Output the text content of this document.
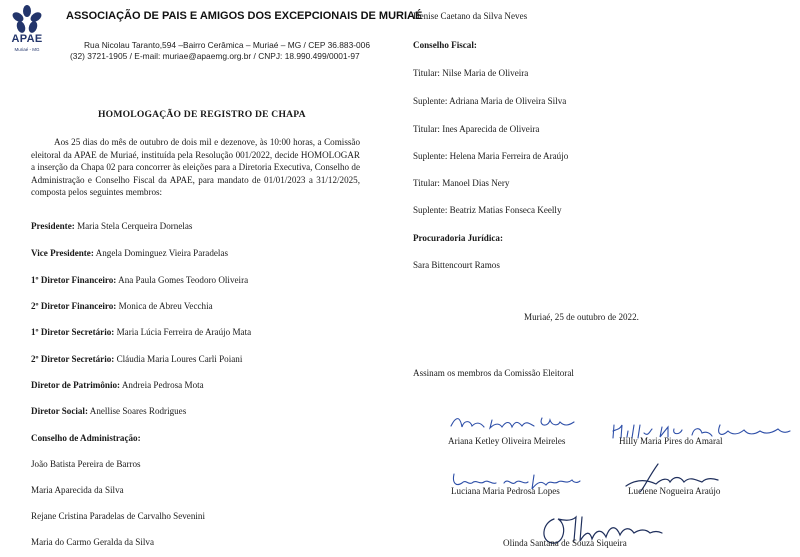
APAE
Muriaé - MG
ASSOCIAÇÃO DE PAIS E AMIGOS DOS EXCEPCIONAIS DE MURIAÉ
Rua Nicolau Taranto,594 –Bairro Cerâmica – Muriaé – MG / CEP 36.883-006
(32) 3721-1905 / E-mail: muriae@apaemg.org.br / CNPJ: 18.990.499/0001-97
HOMOLOGAÇÃO DE REGISTRO DE CHAPA

Aos 25 dias do mês de outubro de dois mil e dezenove, às 10:00 horas, a Comissão eleitoral da APAE de Muriaé, instituída pela Resolução 001/2022, decide HOMOLOGAR a inserção da Chapa 02 para concorrer às eleições para a Diretoria Executiva, Conselho de Administração e Conselho Fiscal da APAE, para mandato de 01/01/2023 a 31/12/2025, composta pelos seguintes membros:

Presidente: Maria Stela Cerqueira Dornelas
Vice Presidente: Angela Dominguez Vieira Paradelas
1º Diretor Financeiro: Ana Paula Gomes Teodoro Oliveira
2º Diretor Financeiro: Monica de Abreu Vecchia
1º Diretor Secretário: Maria Lúcia Ferreira de Araújo Mata
2º Diretor Secretário: Cláudia Maria Loures Carli Poiani
Diretor de Patrimônio: Andreia Pedrosa Mota
Diretor Social: Anellise Soares Rodrigues
Conselho de Administração:
João Batista Pereira de Barros
Maria Aparecida da Silva
Rejane Cristina Paradelas de Carvalho Sevenini
Maria do Carmo Geralda da Silva
Denise Caetano da Silva Neves
Conselho Fiscal:
Titular: Nilse Maria de Oliveira
Suplente: Adriana Maria de Oliveira Silva
Titular: Ines Aparecida de Oliveira
Suplente: Helena Maria Ferreira de Araújo
Titular: Manoel Dias Nery
Suplente: Beatriz Matias Fonseca Keelly
Procuradoria Jurídica:
Sara Bittencourt Ramos
Muriaé, 25 de outubro de 2022.
Assinam os membros da Comissão Eleitoral
Ariana Ketley Oliveira Meireles	Hilly Maria Pires do Amaral
Luciana Maria Pedrosa Lopes	Luciene Nogueira Araújo
Olinda Santana de Souza Siqueira
